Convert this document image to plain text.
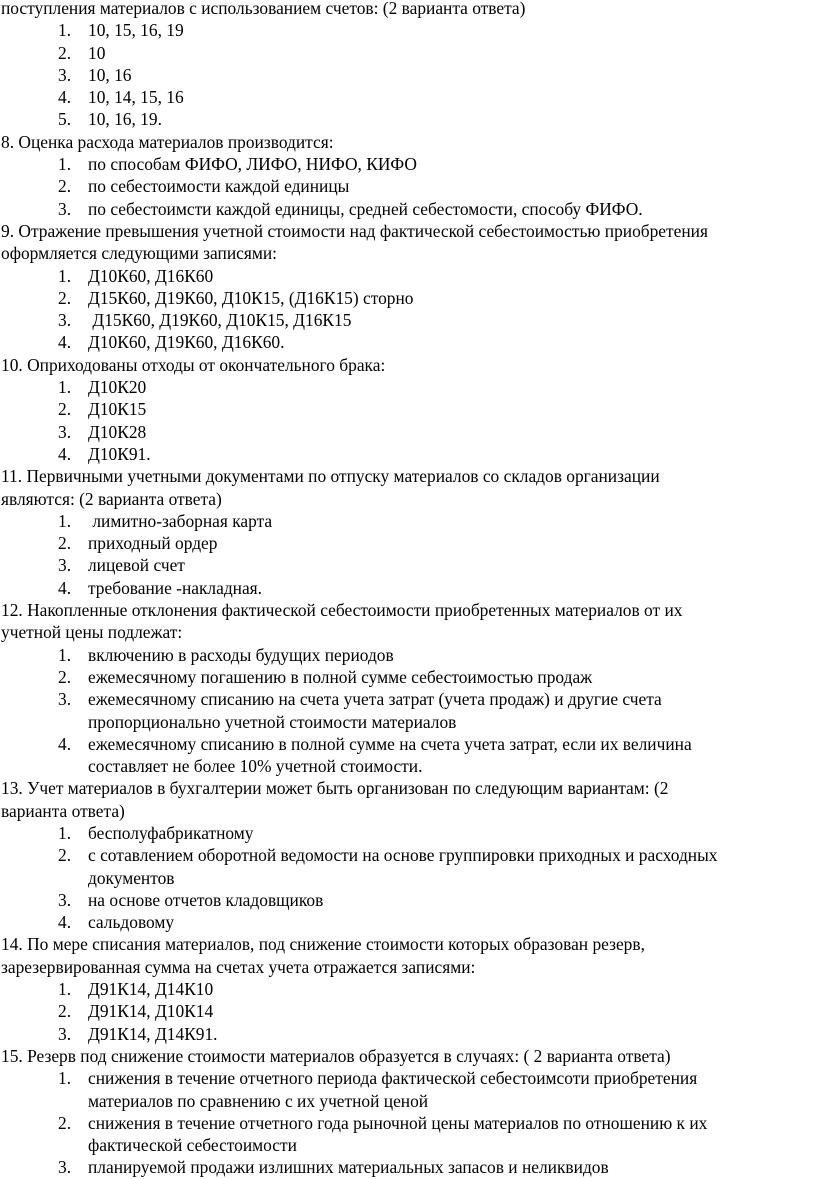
поступления материалов с использованием счетов: (2 варианта ответа)
1. 10, 15, 16, 19
2. 10
3. 10, 16
4. 10, 14, 15, 16
5. 10, 16, 19.
8. Оценка расхода материалов производится:
1. по способам ФИФО, ЛИФО, НИФО, КИФО
2. по себестоимости каждой единицы
3. по себестоимсти каждой единицы, средней себестомости, способу ФИФО.
9. Отражение превышения учетной стоимости над фактической себестоимостью приобретения
оформляется следующими записями:
1. Д10К60, Д16К60
2. Д15К60, Д19К60, Д10К15, (Д16К15) сторно
3. Д15К60, Д19К60, Д10К15, Д16К15
4. Д10К60, Д19К60, Д16К60.
10. Оприходованы отходы от окончательного брака:
1. Д10К20
2. Д10К15
3. Д10К28
4. Д10К91.
11. Первичными учетными документами по отпуску материалов со складов организации
являются: (2 варианта ответа)
1. лимитно-заборная карта
2. приходный ордер
3. лицевой счет
4. требование -накладная.
12. Накопленные отклонения фактической себестоимости приобретенных материалов от их
учетной цены подлежат:
1. включению в расходы будущих периодов
2. ежемесячному погашению в полной сумме себестоимостью продаж
3. ежемесячному списанию на счета учета затрат (учета продаж) и другие счета
пропорционально учетной стоимости материалов
4. ежемесячному списанию в полной сумме на счета учета затрат, если их величина
составляет не более 10% учетной стоимости.
13. Учет материалов в бухгалтерии может быть организован по следующим вариантам: (2
варианта ответа)
1. бесполуфабрикатному
2. с сотавлением оборотной ведомости на основе группировки приходных и расходных
документов
3. на основе отчетов кладовщиков
4. сальдовому
14. По мере списания материалов, под снижение стоимости которых образован резерв,
зарезервированная сумма на счетах учета отражается записями:
1. Д91К14, Д14К10
2. Д91К14, Д10К14
3. Д91К14, Д14К91.
15. Резерв под снижение стоимости материалов образуется в случаях: ( 2 варианта ответа)
1. снижения в течение отчетного периода фактической себестоимсоти приобретения
материалов по сравнению с их учетной ценой
2. снижения в течение отчетного года рыночной цены материалов по отношению к их
фактической себестоимости
3. планируемой продажи излишних материальных запасов и неликвидов
